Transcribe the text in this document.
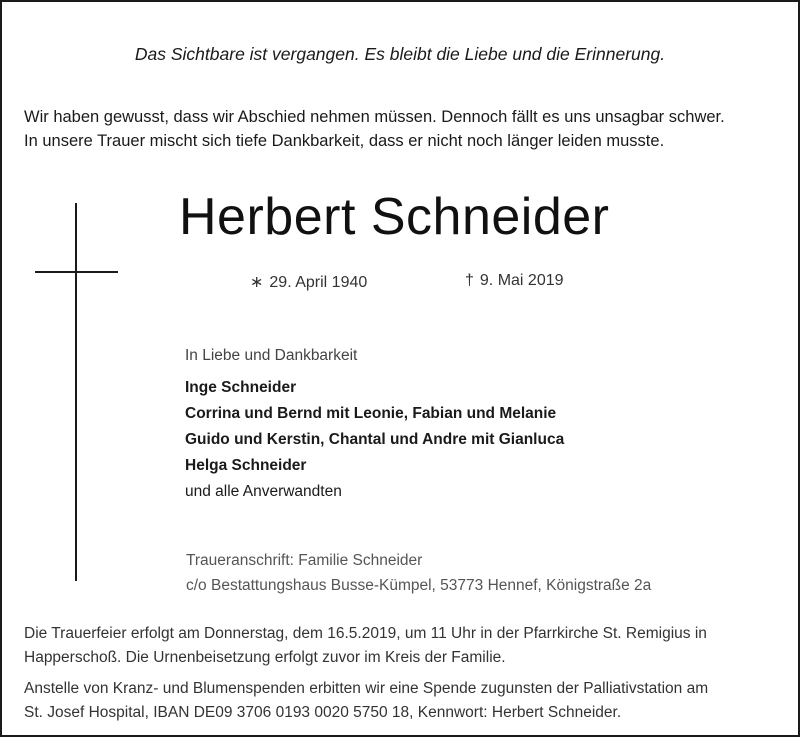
Das Sichtbare ist vergangen. Es bleibt die Liebe und die Erinnerung.
Wir haben gewusst, dass wir Abschied nehmen müssen. Dennoch fällt es uns unsagbar schwer.
In unsere Trauer mischt sich tiefe Dankbarkeit, dass er nicht noch länger leiden musste.
Herbert Schneider
∗ 29. April 1940	† 9. Mai 2019
In Liebe und Dankbarkeit
Inge Schneider
Corrina und Bernd mit Leonie, Fabian und Melanie
Guido und Kerstin, Chantal und Andre mit Gianluca
Helga Schneider
und alle Anverwandten
Traueranschrift: Familie Schneider
c/o Bestattungshaus Busse-Kümpel, 53773 Hennef, Königstraße 2a
Die Trauerfeier erfolgt am Donnerstag, dem 16.5.2019, um 11 Uhr in der Pfarrkirche St. Remigius in
Happerschoß. Die Urnenbeisetzung erfolgt zuvor im Kreis der Familie.
Anstelle von Kranz- und Blumenspenden erbitten wir eine Spende zugunsten der Palliativstation am
St. Josef Hospital, IBAN DE09 3706 0193 0020 5750 18, Kennwort: Herbert Schneider.
